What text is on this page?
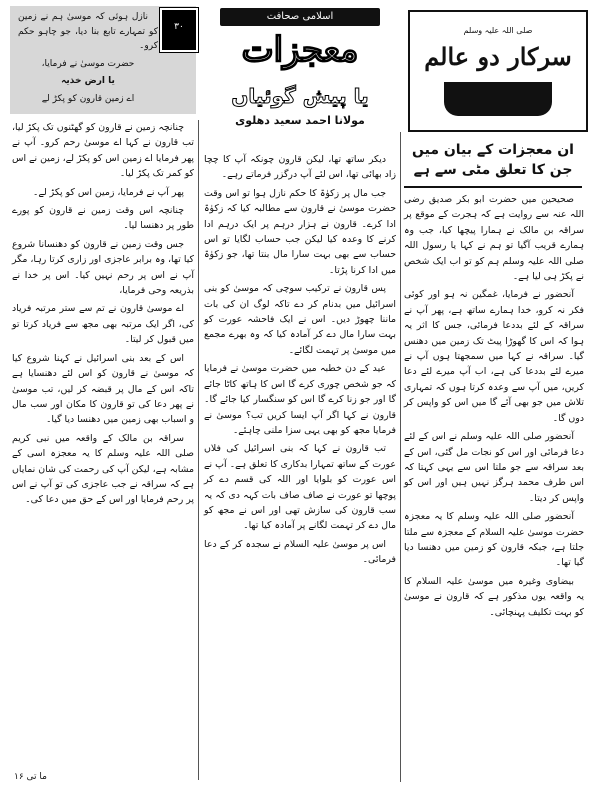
۳۰

نازل ہوئی کہ موسیٰ ہم نے زمین کو تمہارے تابع بنا دیا، جو چاہو حکم کرو۔

حضرت موسیٰ نے فرمایا،

یا ارض خذیہ

اے زمین قارون کو پکڑ لے

اسلامی صحافت
معجزات
یا پیش گوئیاں
مولانا احمد سعید دھلوی
صلی اللہ علیہ وسلم
سرکار دو عالم
ان معجزات کے بیان میں
جن کا تعلق مٹی سے ہے

صحیحین میں حضرت ابو بکر صدیق رضی اللہ عنہ سے روایت ہے کہ ہجرت کے موقع پر سراقہ بن مالک نے ہمارا پیچھا کیا، جب وہ ہمارے قریب آگیا تو ہم نے کہا یا رسول اللہ صلی اللہ علیہ وسلم ہم کو تو اب ایک شخص نے پکڑ ہی لیا ہے۔

آنحضور نے فرمایا، غمگین نہ ہو اور کوئی فکر نہ کرو، خدا ہمارے ساتھ ہے، پھر آپ نے سراقہ کے لئے بددعا فرمائی، جس کا اثر یہ ہوا کہ اس کا گھوڑا پیٹ تک زمین میں دھنس گیا۔ سراقہ نے کہا میں سمجھتا ہوں آپ نے میرے لئے بددعا کی ہے، اب آپ میرے لئے دعا کریں، میں آپ سے وعدہ کرتا ہوں کہ تمہاری تلاش میں جو بھی آئے گا میں اس کو واپس کر دوں گا۔

آنحضور صلی اللہ علیہ وسلم نے اس کے لئے دعا فرمائی اور اس کو نجات مل گئی، اس کے بعد سراقہ سے جو ملتا اس سے یہی کہتا کہ اس طرف محمد ہرگز نہیں ہیں اور اس کو واپس کر دیتا۔

آنحضور صلی اللہ علیہ وسلم کا یہ معجزہ حضرت موسیٰ علیہ السلام کے معجزہ سے ملتا جلتا ہے، جبکہ قارون کو زمین میں دھنسا دیا گیا تھا۔

بیضاوی وغیرہ میں موسیٰ علیہ السلام کا یہ واقعہ یوں مذکور ہے کہ قارون نے موسیٰ کو بہت تکلیف پہنچائی۔

دیکر ساتھ تھا، لیکن قارون چونکہ آپ کا چچا زاد بھائی تھا، اس لئے آپ درگزر فرماتے رہے۔

جب مال پر زکوٰۃ کا حکم نازل ہوا تو اس وقت حضرت موسیٰ نے قارون سے مطالبہ کیا کہ زکوٰۃ ادا کرے۔ قارون نے ہزار درہم پر ایک درہم ادا کرنے کا وعدہ کیا لیکن جب حساب لگایا تو اس حساب سے بھی بہت سارا مال بنتا تھا، جو زکوٰۃ میں ادا کرنا پڑتا۔

پس قارون نے ترکیب سوچی کہ موسیٰ کو بنی اسرائیل میں بدنام کر دے تاکہ لوگ ان کی بات ماننا چھوڑ دیں۔ اس نے ایک فاحشہ عورت کو بہت سارا مال دے کر آمادہ کیا کہ وہ بھرے مجمع میں موسیٰ پر تہمت لگائے۔

عید کے دن خطبہ میں حضرت موسیٰ نے فرمایا کہ جو شخص چوری کرے گا اس کا ہاتھ کاٹا جائے گا اور جو زنا کرے گا اس کو سنگسار کیا جائے گا۔ قارون نے کہا اگر آپ ایسا کریں تب؟ موسیٰ نے فرمایا مجھ کو بھی یہی سزا ملنی چاہئے۔

تب قارون نے کہا کہ بنی اسرائیل کی فلاں عورت کے ساتھ تمہارا بدکاری کا تعلق ہے۔ آپ نے اس عورت کو بلوایا اور اللہ کی قسم دے کر پوچھا تو عورت نے صاف صاف بات کہہ دی کہ یہ سب قارون کی سازش تھی اور اس نے مجھ کو مال دے کر تہمت لگانے پر آمادہ کیا تھا۔

اس پر موسیٰ علیہ السلام نے سجدہ کر کے دعا فرمائی۔

چنانچہ زمین نے قارون کو گھٹنوں تک پکڑ لیا، تب قارون نے کہا اے موسیٰ رحم کرو۔ آپ نے پھر فرمایا اے زمین اس کو پکڑ لے، زمین نے اس کو کمر تک پکڑ لیا۔

پھر آپ نے فرمایا، زمین اس کو پکڑ لے۔

چنانچہ اس وقت زمین نے قارون کو پورے طور پر دھنسا لیا۔

جس وقت زمین نے قارون کو دھنسانا شروع کیا تھا، وہ برابر عاجزی اور زاری کرتا رہا، مگر آپ نے اس پر رحم نہیں کیا۔ اس پر خدا نے بذریعہ وحی فرمایا،

اے موسیٰ قارون نے تم سے ستر مرتبہ فریاد کی، اگر ایک مرتبہ بھی مجھ سے فریاد کرتا تو میں قبول کر لیتا۔

اس کے بعد بنی اسرائیل نے کہنا شروع کیا کہ موسیٰ نے قارون کو اس لئے دھنسایا ہے تاکہ اس کے مال پر قبضہ کر لیں، تب موسیٰ نے پھر دعا کی تو قارون کا مکان اور سب مال و اسباب بھی زمین میں دھنسا دیا گیا۔

سراقہ بن مالک کے واقعہ میں نبی کریم صلی اللہ علیہ وسلم کا یہ معجزہ اسی کے مشابہ ہے، لیکن آپ کی رحمت کی شان نمایاں ہے کہ سراقہ نے جب عاجزی کی تو آپ نے اس پر رحم فرمایا اور اس کے حق میں دعا کی۔

ما تی ۱۶
